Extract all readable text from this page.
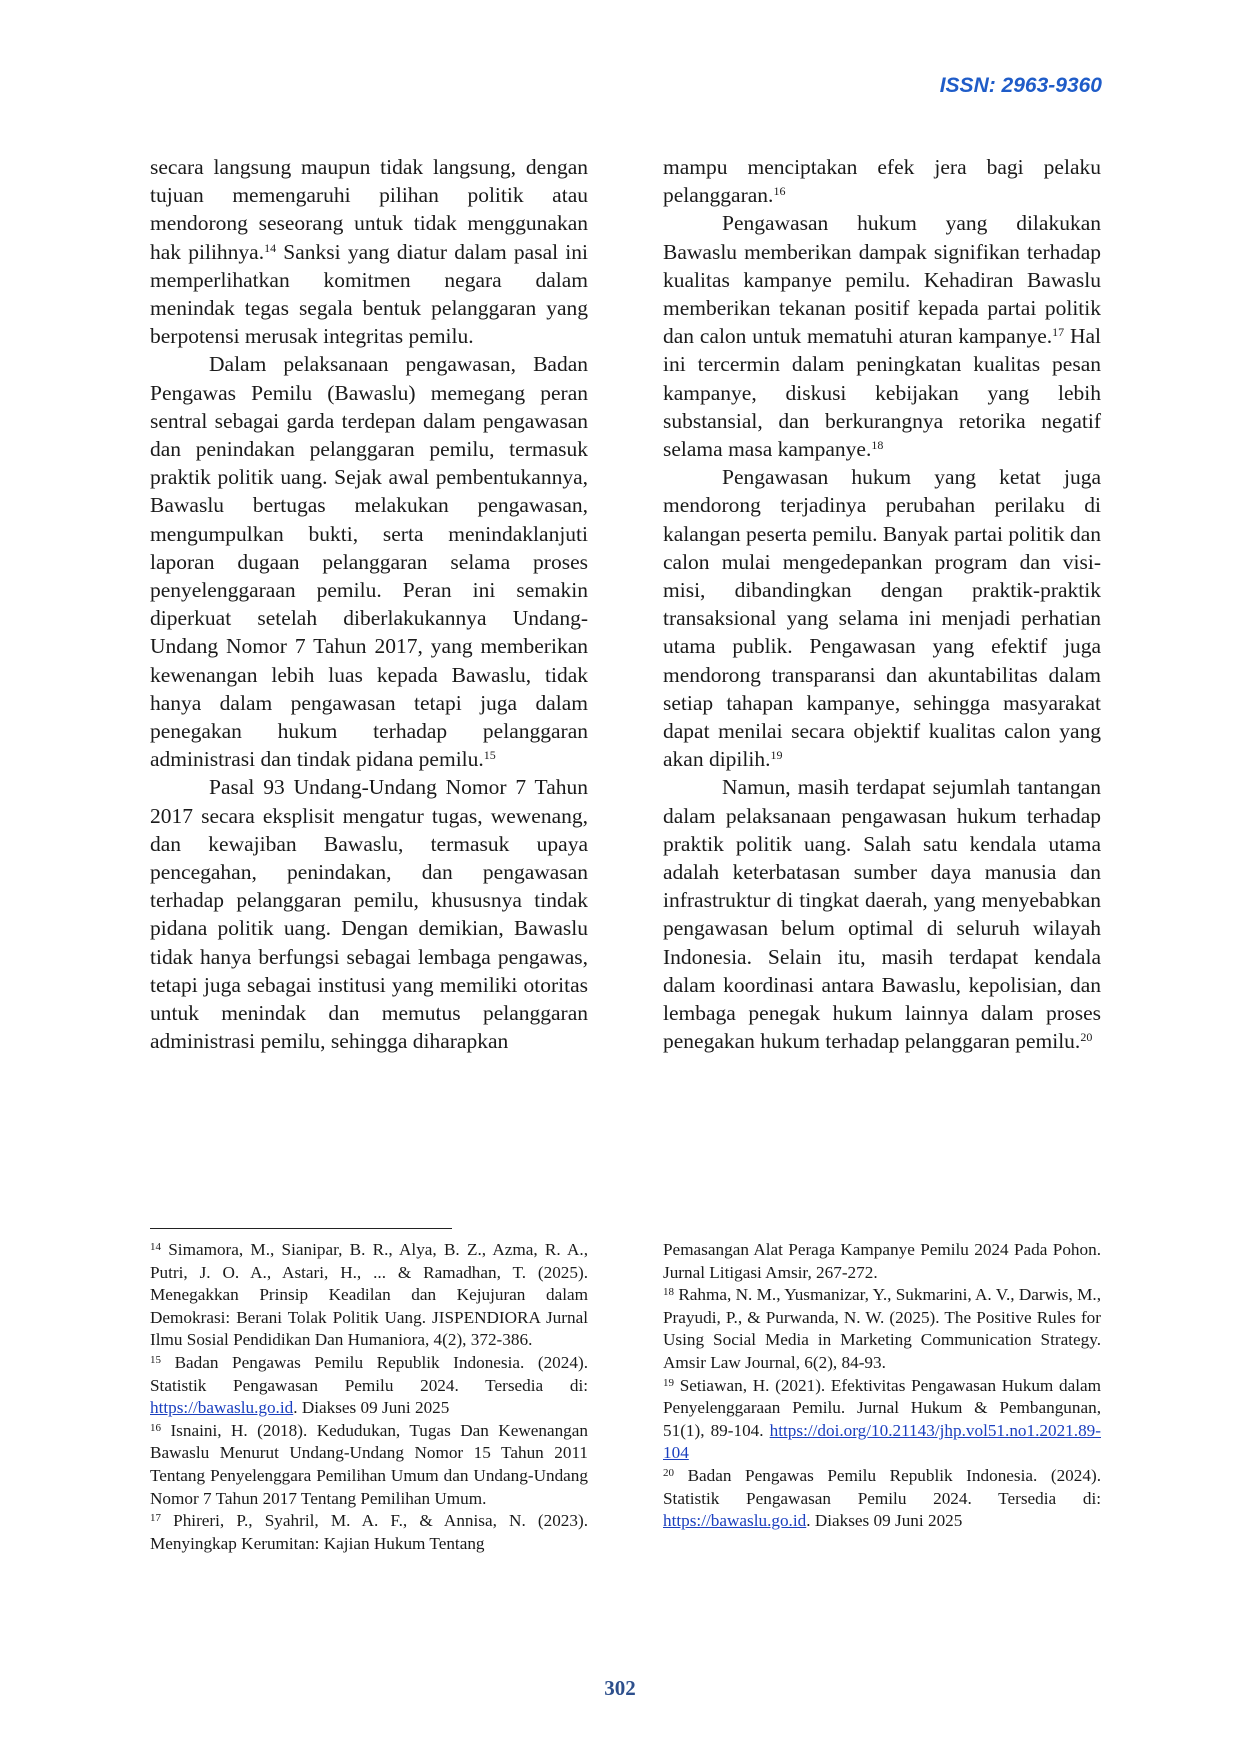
ISSN: 2963-9360

secara langsung maupun tidak langsung, dengan tujuan memengaruhi pilihan politik atau mendorong seseorang untuk tidak menggunakan hak pilihnya.$^{14}$ Sanksi yang diatur dalam pasal ini memperlihatkan komitmen negara dalam menindak tegas segala bentuk pelanggaran yang berpotensi merusak integritas pemilu.

Dalam pelaksanaan pengawasan, Badan Pengawas Pemilu (Bawaslu) memegang peran sentral sebagai garda terdepan dalam pengawasan dan penindakan pelanggaran pemilu, termasuk praktik politik uang. Sejak awal pembentukannya, Bawaslu bertugas melakukan pengawasan, mengumpulkan bukti, serta menindaklanjuti laporan dugaan pelanggaran selama proses penyelenggaraan pemilu. Peran ini semakin diperkuat setelah diberlakukannya Undang-Undang Nomor 7 Tahun 2017, yang memberikan kewenangan lebih luas kepada Bawaslu, tidak hanya dalam pengawasan tetapi juga dalam penegakan hukum terhadap pelanggaran administrasi dan tindak pidana pemilu.$^{15}$

Pasal 93 Undang-Undang Nomor 7 Tahun 2017 secara eksplisit mengatur tugas, wewenang, dan kewajiban Bawaslu, termasuk upaya pencegahan, penindakan, dan pengawasan terhadap pelanggaran pemilu, khususnya tindak pidana politik uang. Dengan demikian, Bawaslu tidak hanya berfungsi sebagai lembaga pengawas, tetapi juga sebagai institusi yang memiliki otoritas untuk menindak dan memutus pelanggaran administrasi pemilu, sehingga diharapkan

mampu menciptakan efek jera bagi pelaku pelanggaran.$^{16}$

Pengawasan hukum yang dilakukan Bawaslu memberikan dampak signifikan terhadap kualitas kampanye pemilu. Kehadiran Bawaslu memberikan tekanan positif kepada partai politik dan calon untuk mematuhi aturan kampanye.$^{17}$ Hal ini tercermin dalam peningkatan kualitas pesan kampanye, diskusi kebijakan yang lebih substansial, dan berkurangnya retorika negatif selama masa kampanye.$^{18}$

Pengawasan hukum yang ketat juga mendorong terjadinya perubahan perilaku di kalangan peserta pemilu. Banyak partai politik dan calon mulai mengedepankan program dan visi-misi, dibandingkan dengan praktik-praktik transaksional yang selama ini menjadi perhatian utama publik. Pengawasan yang efektif juga mendorong transparansi dan akuntabilitas dalam setiap tahapan kampanye, sehingga masyarakat dapat menilai secara objektif kualitas calon yang akan dipilih.$^{19}$

Namun, masih terdapat sejumlah tantangan dalam pelaksanaan pengawasan hukum terhadap praktik politik uang. Salah satu kendala utama adalah keterbatasan sumber daya manusia dan infrastruktur di tingkat daerah, yang menyebabkan pengawasan belum optimal di seluruh wilayah Indonesia. Selain itu, masih terdapat kendala dalam koordinasi antara Bawaslu, kepolisian, dan lembaga penegak hukum lainnya dalam proses penegakan hukum terhadap pelanggaran pemilu.$^{20}$

$^{14}$ Simamora, M., Sianipar, B. R., Alya, B. Z., Azma, R. A., Putri, J. O. A., Astari, H., ... & Ramadhan, T. (2025). Menegakkan Prinsip Keadilan dan Kejujuran dalam Demokrasi: Berani Tolak Politik Uang. JISPENDIORA Jurnal Ilmu Sosial Pendidikan Dan Humaniora, 4(2), 372-386.

$^{15}$ Badan Pengawas Pemilu Republik Indonesia. (2024). Statistik Pengawasan Pemilu 2024. Tersedia di: https://bawaslu.go.id. Diakses 09 Juni 2025

$^{16}$ Isnaini, H. (2018). Kedudukan, Tugas Dan Kewenangan Bawaslu Menurut Undang-Undang Nomor 15 Tahun 2011 Tentang Penyelenggara Pemilihan Umum dan Undang-Undang Nomor 7 Tahun 2017 Tentang Pemilihan Umum.

$^{17}$ Phireri, P., Syahril, M. A. F., & Annisa, N. (2023). Menyingkap Kerumitan: Kajian Hukum Tentang

Pemasangan Alat Peraga Kampanye Pemilu 2024 Pada Pohon. Jurnal Litigasi Amsir, 267-272.

$^{18}$ Rahma, N. M., Yusmanizar, Y., Sukmarini, A. V., Darwis, M., Prayudi, P., & Purwanda, N. W. (2025). The Positive Rules for Using Social Media in Marketing Communication Strategy. Amsir Law Journal, 6(2), 84-93.

$^{19}$ Setiawan, H. (2021). Efektivitas Pengawasan Hukum dalam Penyelenggaraan Pemilu. Jurnal Hukum & Pembangunan, 51(1), 89-104. https://doi.org/10.21143/jhp.vol51.no1.2021.89-104

$^{20}$ Badan Pengawas Pemilu Republik Indonesia. (2024). Statistik Pengawasan Pemilu 2024. Tersedia di: https://bawaslu.go.id. Diakses 09 Juni 2025

302
